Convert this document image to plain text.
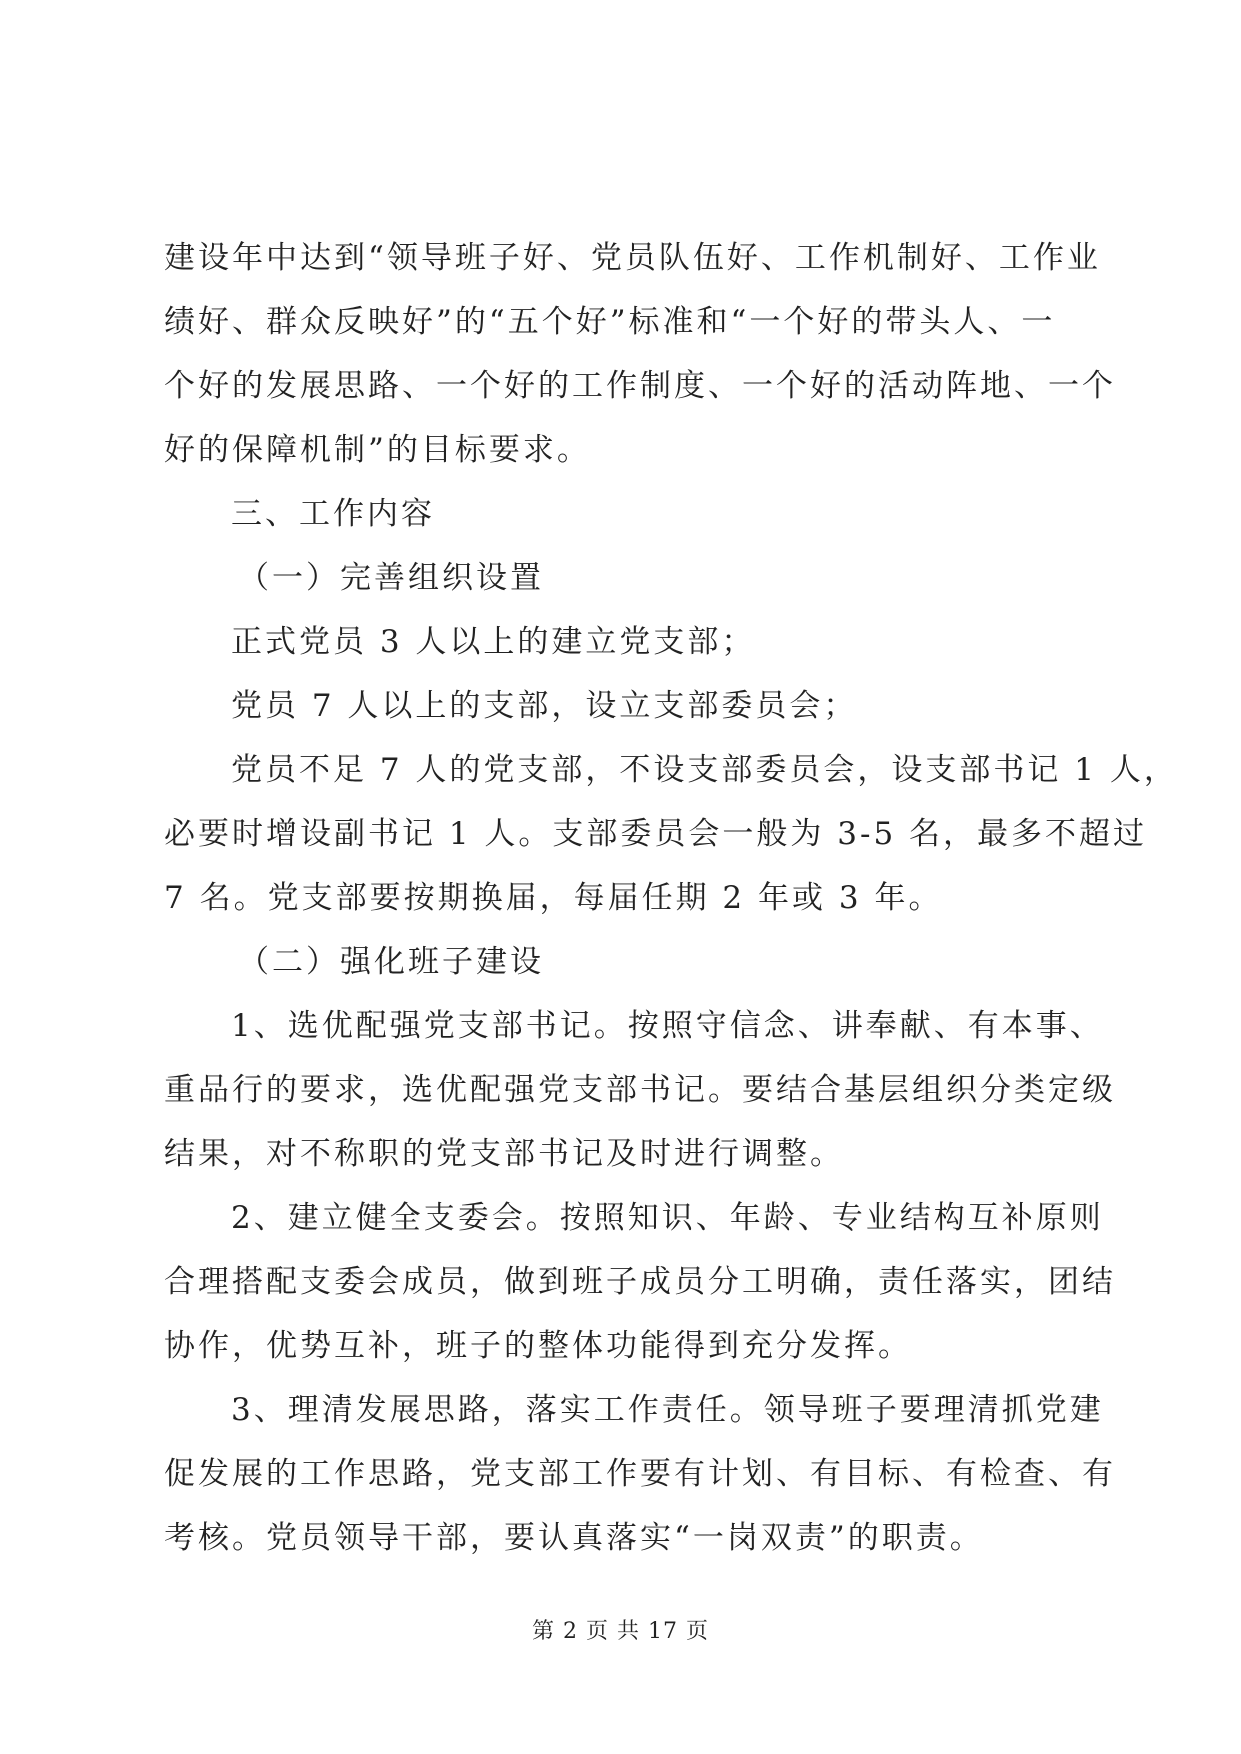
建设年中达到“领导班子好、党员队伍好、工作机制好、工作业
绩好、群众反映好”的“五个好”标准和“一个好的带头人、一
个好的发展思路、一个好的工作制度、一个好的活动阵地、一个
好的保障机制”的目标要求。
三、工作内容
（一）完善组织设置
正式党员 3 人以上的建立党支部；
党员 7 人以上的支部，设立支部委员会；
党员不足 7 人的党支部，不设支部委员会，设支部书记 1 人，
必要时增设副书记 1 人。支部委员会一般为 3-5 名，最多不超过
7 名。党支部要按期换届，每届任期 2 年或 3 年。
（二）强化班子建设
1、选优配强党支部书记。按照守信念、讲奉献、有本事、
重品行的要求，选优配强党支部书记。要结合基层组织分类定级
结果，对不称职的党支部书记及时进行调整。
2、建立健全支委会。按照知识、年龄、专业结构互补原则
合理搭配支委会成员，做到班子成员分工明确，责任落实，团结
协作，优势互补，班子的整体功能得到充分发挥。
3、理清发展思路，落实工作责任。领导班子要理清抓党建
促发展的工作思路，党支部工作要有计划、有目标、有检查、有
考核。党员领导干部，要认真落实“一岗双责”的职责。
第 2 页 共 17 页
